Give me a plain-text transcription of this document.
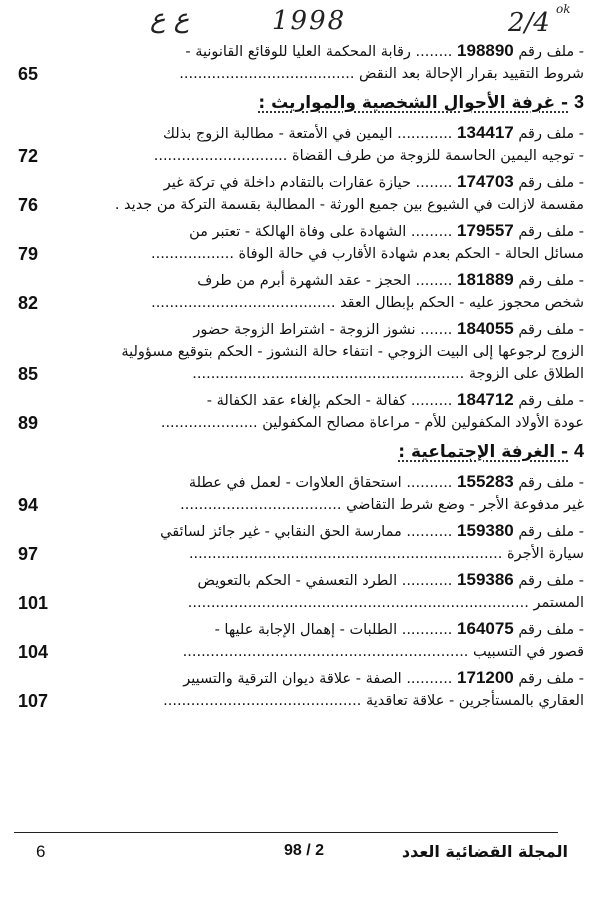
ع ع	1998	2/4 ok
- ملف رقم 198890 ........ رقابة المحكمة العليا للوقائع القانونية -
شروط التقييد بقرار الإحالة بعد النقض ......................................
65
3 - غرفة الأحوال الشخصية والمواريث :
- ملف رقم 134417 ............ اليمين في الأمتعة - مطالبة الزوج بذلك
- توجيه اليمين الحاسمة للزوجة من طرف القضاة .............................
72
- ملف رقم 174703 ........ حيازة عقارات بالتقادم داخلة في تركة غير
مقسمة لازالت في الشيوع بين جميع الورثة - المطالبة بقسمة التركة من جديد .
76
- ملف رقم 179557 ......... الشهادة على وفاة الهالكة - تعتبر من
مسائل الحالة - الحكم بعدم شهادة الأقارب في حالة الوفاة ..................
79
- ملف رقم 181889 ........ الحجز - عقد الشهرة أبرم من طرف
شخص محجوز عليه - الحكم بإبطال العقد ........................................
82
- ملف رقم 184055 ....... نشوز الزوجة - اشتراط الزوجة حضور
الزوج لرجوعها إلى البيت الزوجي - انتفاء حالة النشوز - الحكم بتوقيع مسؤولية
الطلاق على الزوجة ...........................................................
85
- ملف رقم 184712 ......... كفالة - الحكم بإلغاء عقد الكفالة -
عودة الأولاد المكفولين للأم - مراعاة مصالح المكفولين .....................
89
4 - الغرفة الإجتماعية :
- ملف رقم 155283 .......... استحقاق العلاوات - لعمل في عطلة
غير مدفوعة الأجر - وضع شرط التقاضي ...................................
94
- ملف رقم 159380 .......... ممارسة الحق النقابي - غير جائز لسائقي
سيارة الأجرة ....................................................................
97
- ملف رقم 159386 ........... الطرد التعسفي - الحكم بالتعويض
المستمر ..........................................................................
101
- ملف رقم 164075 ........... الطلبات - إهمال الإجابة عليها -
قصور في التسبيب ..............................................................
104
- ملف رقم 171200 .......... الصفة - علاقة ديوان الترقية والتسيير
العقاري بالمستأجرين - علاقة تعاقدية ...........................................
107
6	98 / 2	المجلة القضائية العدد
